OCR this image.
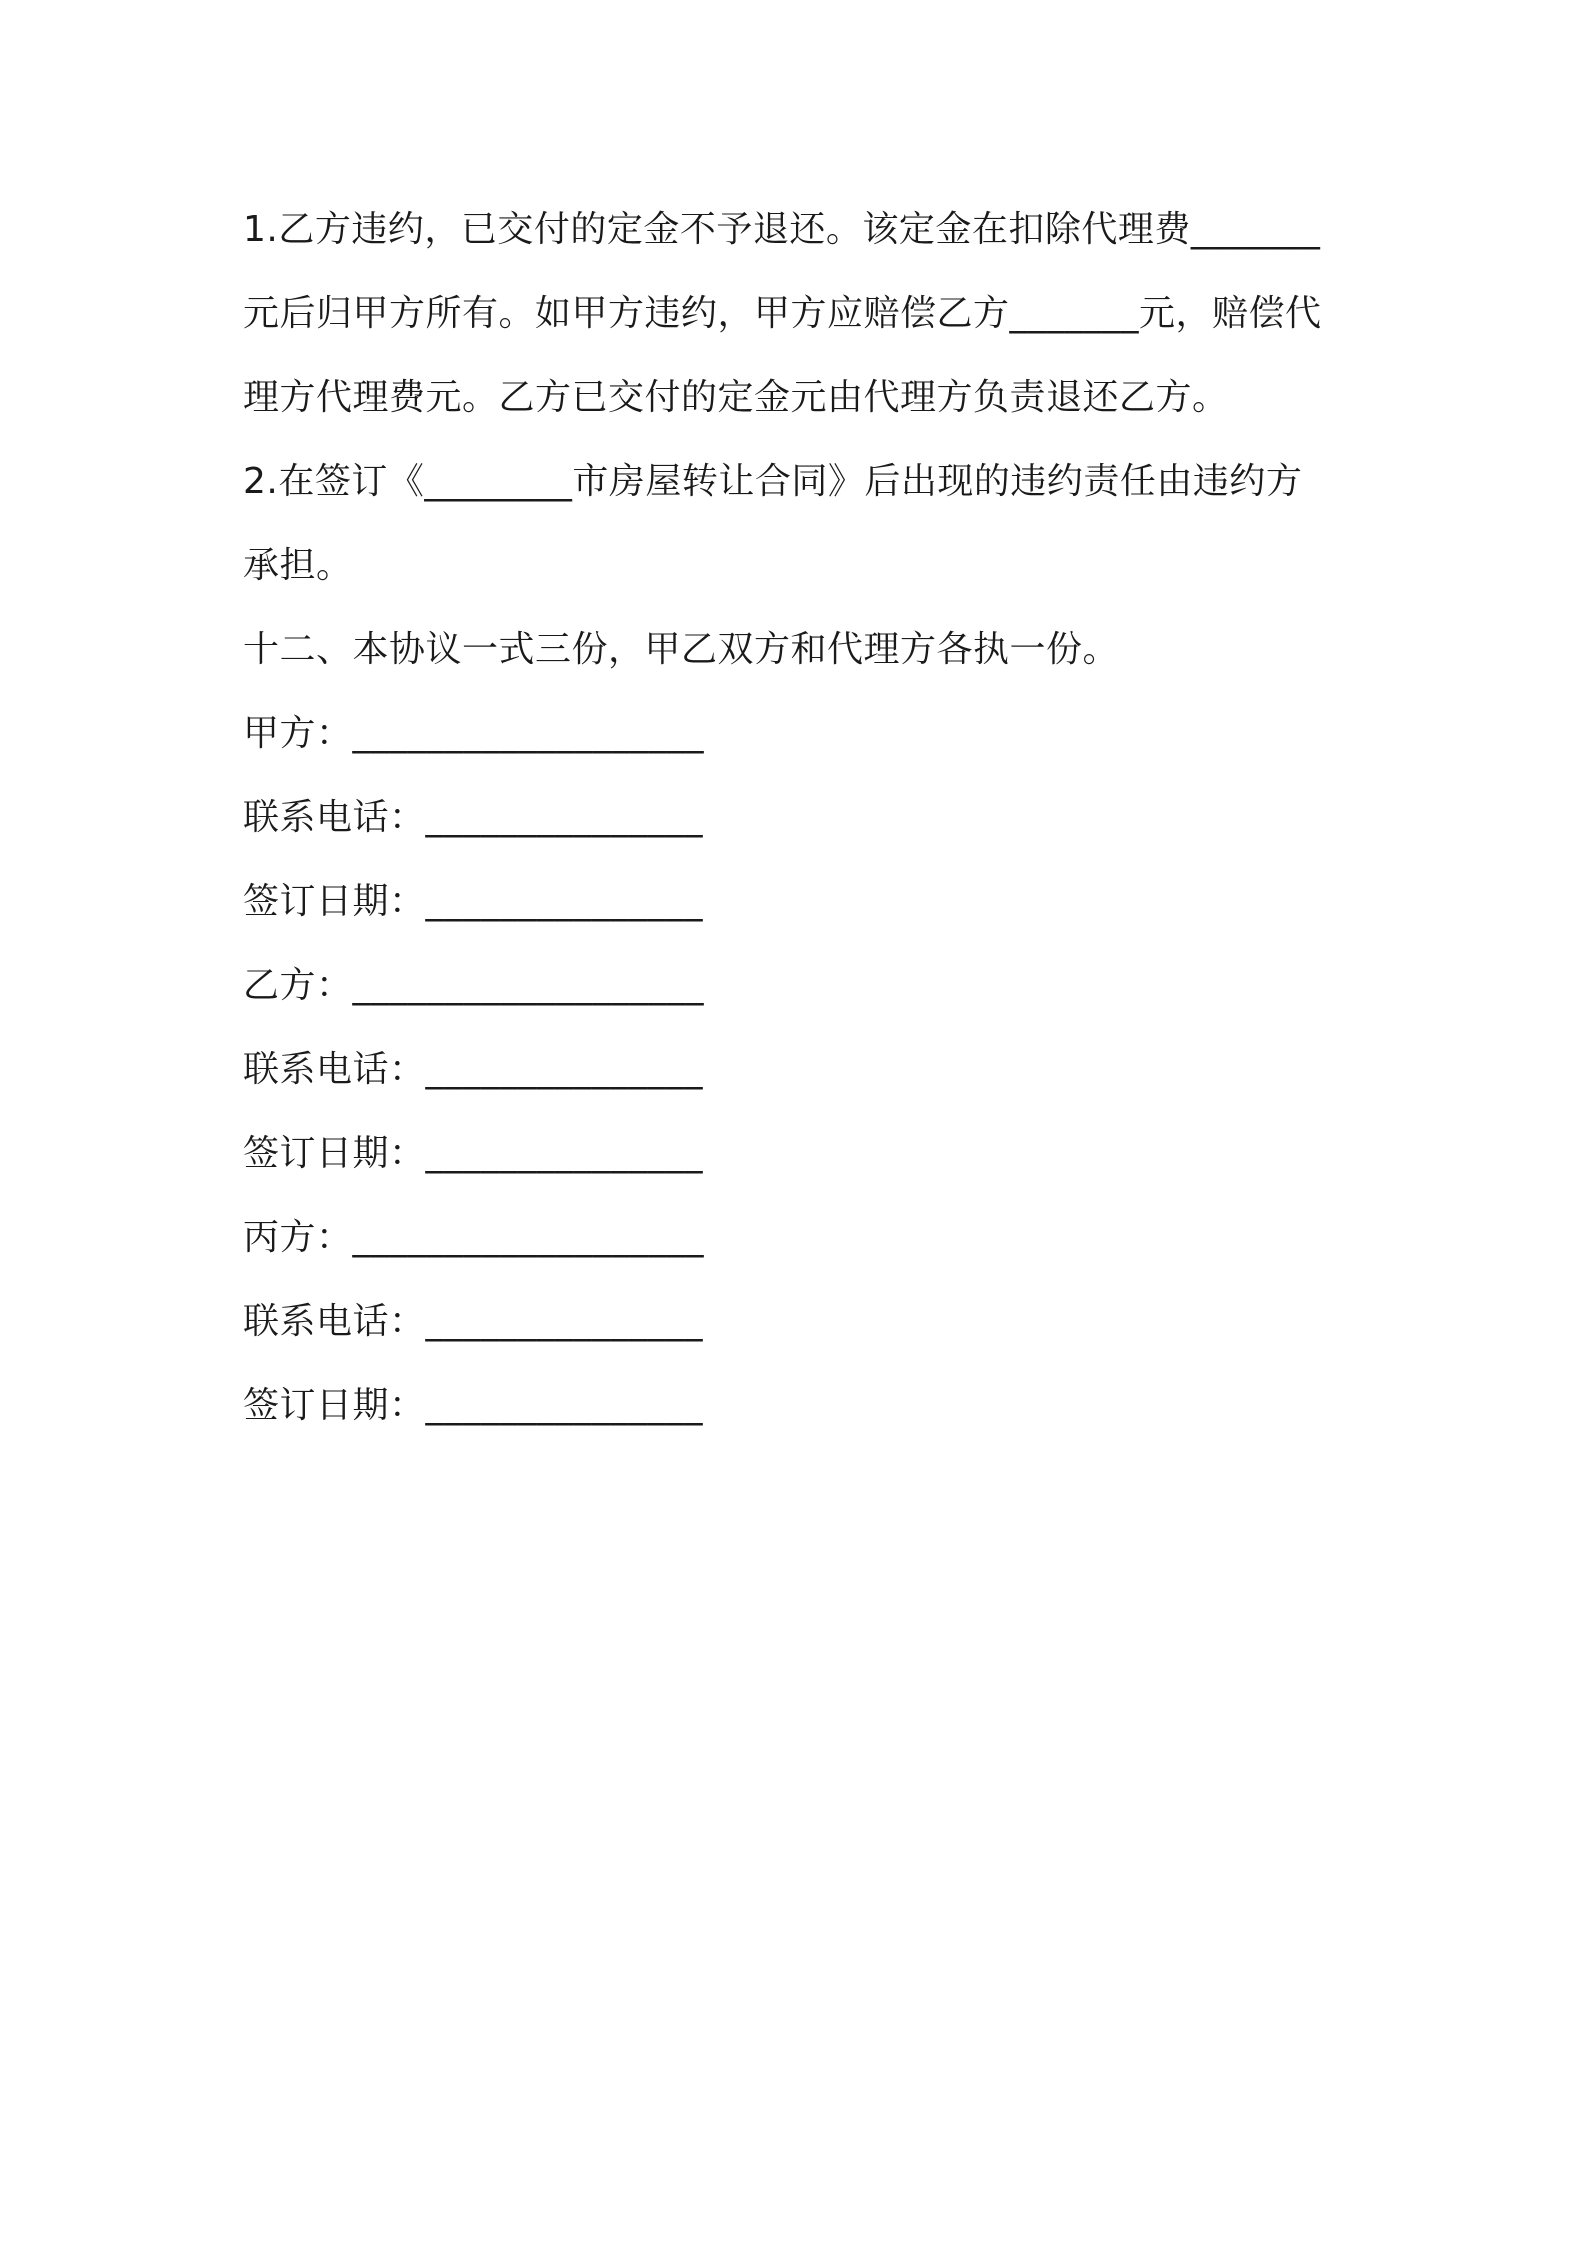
1.乙方违约，已交付的定金不予退还。该定金在扣除代理费_______
元后归甲方所有。如甲方违约，甲方应赔偿乙方_______元，赔偿代
理方代理费元。乙方已交付的定金元由代理方负责退还乙方。
2.在签订《________市房屋转让合同》后出现的违约责任由违约方
承担。
十二、本协议一式三份，甲乙双方和代理方各执一份。
甲方：___________________
联系电话：_______________
签订日期：_______________
乙方：___________________
联系电话：_______________
签订日期：_______________
丙方：___________________
联系电话：_______________
签订日期：_______________
